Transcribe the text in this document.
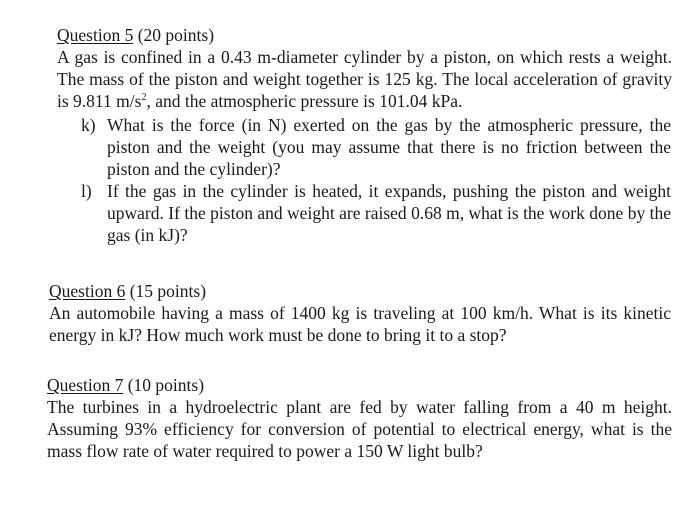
Question 5 (20 points)

A gas is confined in a 0.43 m-diameter cylinder by a piston, on which rests a weight. The mass of the piston and weight together is 125 kg. The local acceleration of gravity is 9.811 $m/s^2$, and the atmospheric pressure is 101.04 kPa.

k) What is the force (in N) exerted on the gas by the atmospheric pressure, the piston and the weight (you may assume that there is no friction between the piston and the cylinder)?
l) If the gas in the cylinder is heated, it expands, pushing the piston and weight upward. If the piston and weight are raised 0.68 m, what is the work done by the gas (in kJ)?
Question 6 (15 points)

An automobile having a mass of 1400 kg is traveling at 100 km/h. What is its kinetic energy in kJ? How much work must be done to bring it to a stop?

Question 7 (10 points)

The turbines in a hydroelectric plant are fed by water falling from a 40 m height. Assuming 93% efficiency for conversion of potential to electrical energy, what is the mass flow rate of water required to power a 150 W light bulb?
